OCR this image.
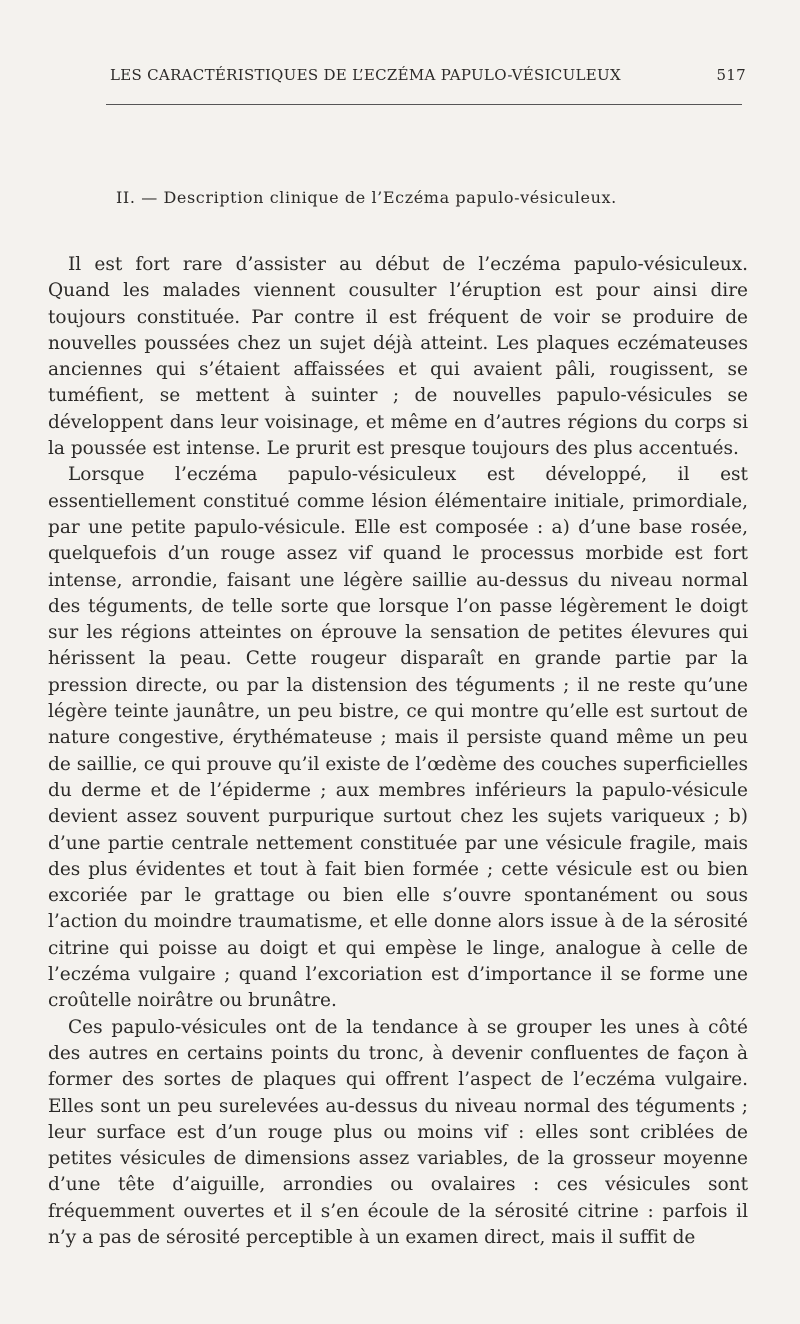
LES CARACTÉRISTIQUES DE L’ECZÉMA PAPULO-VÉSICULEUX	517
II. — Description clinique de l’Eczéma papulo-vésiculeux.

Il est fort rare d’assister au début de l’eczéma papulo-vésiculeux. Quand les malades viennent cousulter l’éruption est pour ainsi dire toujours constituée. Par contre il est fréquent de voir se produire de nouvelles poussées chez un sujet déjà atteint. Les plaques eczémateuses anciennes qui s’étaient affaissées et qui avaient pâli, rougissent, se tuméfient, se mettent à suinter ; de nouvelles papulo-vésicules se développent dans leur voisinage, et même en d’autres régions du corps si la poussée est intense. Le prurit est presque toujours des plus accentués.

Lorsque l’eczéma papulo-vésiculeux est développé, il est essentiellement constitué comme lésion élémentaire initiale, primordiale, par une petite papulo-vésicule. Elle est composée : a) d’une base rosée, quelquefois d’un rouge assez vif quand le processus morbide est fort intense, arrondie, faisant une légère saillie au-dessus du niveau normal des téguments, de telle sorte que lorsque l’on passe légèrement le doigt sur les régions atteintes on éprouve la sensation de petites élevures qui hérissent la peau. Cette rougeur disparaît en grande partie par la pression directe, ou par la distension des téguments ; il ne reste qu’une légère teinte jaunâtre, un peu bistre, ce qui montre qu’elle est surtout de nature congestive, érythémateuse ; mais il persiste quand même un peu de saillie, ce qui prouve qu’il existe de l’œdème des couches superficielles du derme et de l’épiderme ; aux membres inférieurs la papulo-vésicule devient assez souvent purpurique surtout chez les sujets variqueux ; b) d’une partie centrale nettement constituée par une vésicule fragile, mais des plus évidentes et tout à fait bien formée ; cette vésicule est ou bien excoriée par le grattage ou bien elle s’ouvre spontanément ou sous l’action du moindre traumatisme, et elle donne alors issue à de la sérosité citrine qui poisse au doigt et qui empèse le linge, analogue à celle de l’eczéma vulgaire ; quand l’excoriation est d’importance il se forme une croûtelle noirâtre ou brunâtre.

Ces papulo-vésicules ont de la tendance à se grouper les unes à côté des autres en certains points du tronc, à devenir confluentes de façon à former des sortes de plaques qui offrent l’aspect de l’eczéma vulgaire. Elles sont un peu surelevées au-dessus du niveau normal des téguments ; leur surface est d’un rouge plus ou moins vif : elles sont criblées de petites vésicules de dimensions assez variables, de la grosseur moyenne d’une tête d’aiguille, arrondies ou ovalaires : ces vésicules sont fréquemment ouvertes et il s’en écoule de la sérosité citrine : parfois il n’y a pas de sérosité perceptible à un examen direct, mais il suffit de
